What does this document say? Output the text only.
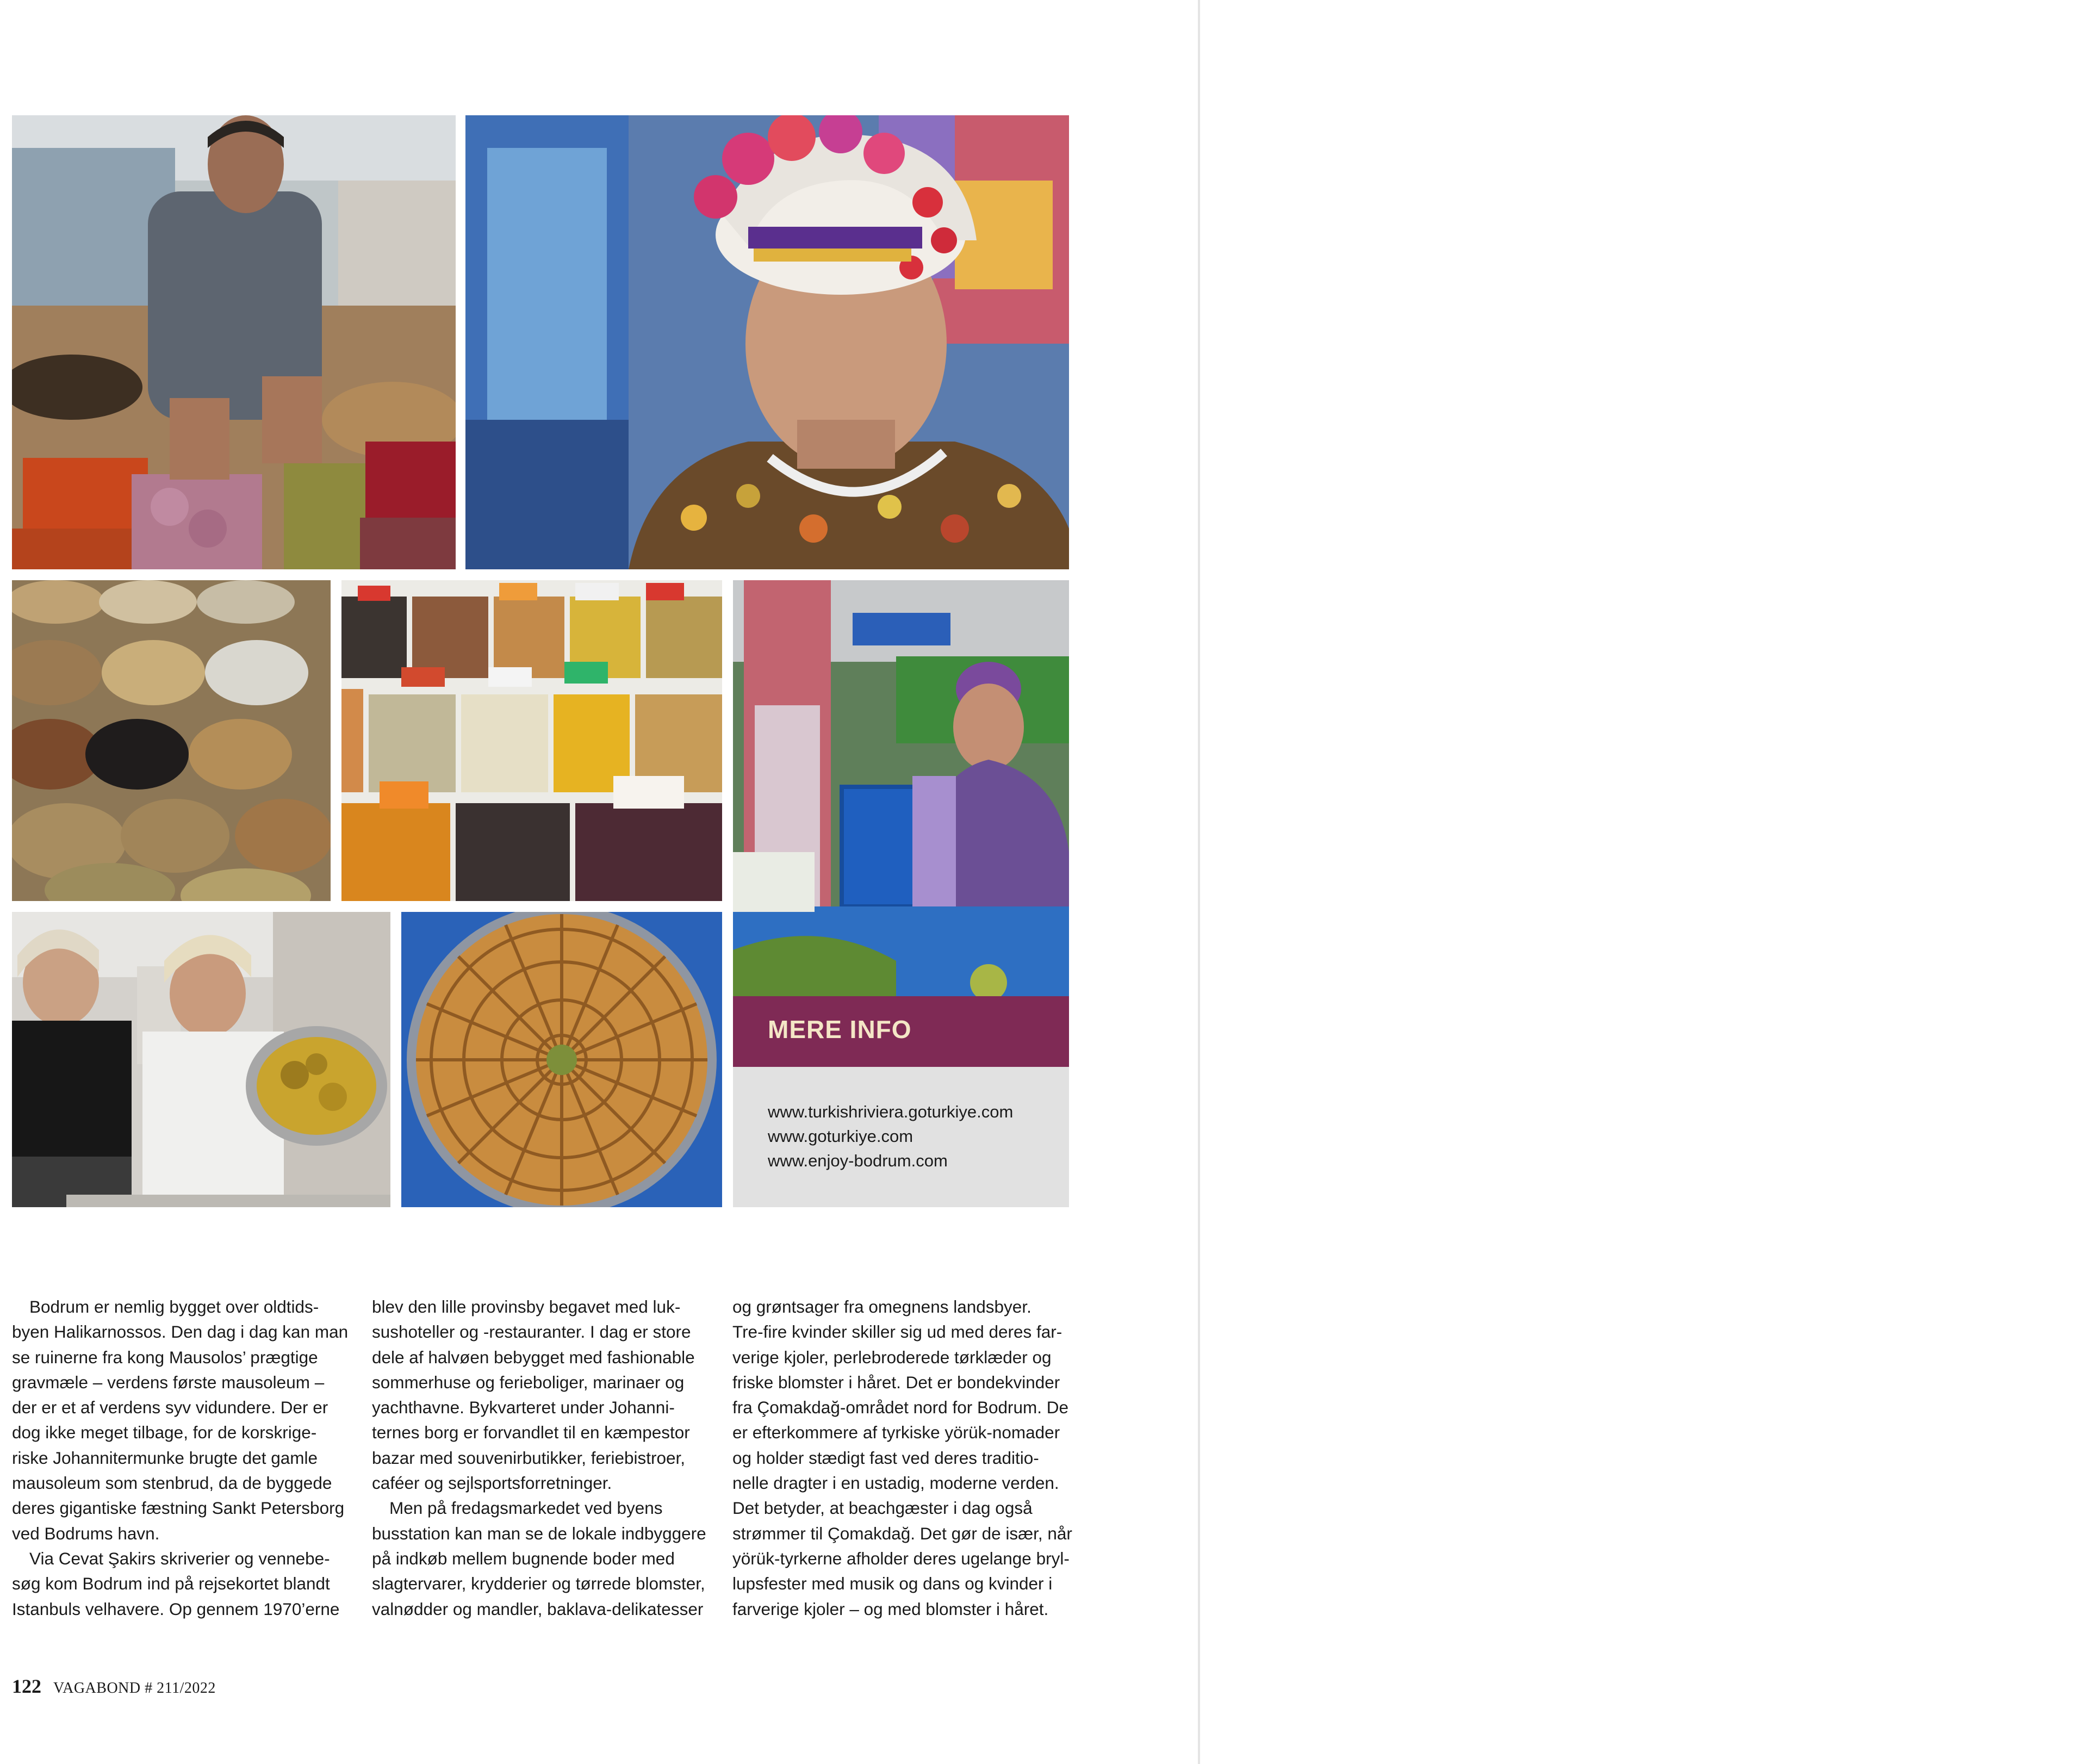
MERE INFO
www.turkishriviera.goturkiye.com
www.goturkiye.com
www.enjoy-bodrum.com
Bodrum er nemlig bygget over oldtids-
byen Halikarnossos. Den dag i dag kan man
se ruinerne fra kong Mausolos’ prægtige
gravmæle – verdens første mausoleum –
der er et af verdens syv vidundere. Der er
dog ikke meget tilbage, for de korskrige-
riske Johannitermunke brugte det gamle
mausoleum som stenbrud, da de byggede
deres gigantiske fæstning Sankt Petersborg
ved Bodrums havn.
Via Cevat Şakirs skriverier og vennebe-
søg kom Bodrum ind på rejsekortet blandt
Istanbuls velhavere. Op gennem 1970’erne
blev den lille provinsby begavet med luk-
sushoteller og -restauranter. I dag er store
dele af halvøen bebygget med fashionable
sommerhuse og ferieboliger, marinaer og
yachthavne. Bykvarteret under Johanni-
ternes borg er forvandlet til en kæmpestor
bazar med souvenirbutikker, feriebistroer,
caféer og sejlsportsforretninger.
Men på fredagsmarkedet ved byens
busstation kan man se de lokale indbyggere
på indkøb mellem bugnende boder med
slagtervarer, krydderier og tørrede blomster,
valnødder og mandler, baklava-delikatesser
og grøntsager fra omegnens landsbyer.
Tre-fire kvinder skiller sig ud med deres far-
verige kjoler, perlebroderede tørklæder og
friske blomster i håret. Det er bondekvinder
fra Çomakdağ-området nord for Bodrum. De
er efterkommere af tyrkiske yörük-nomader
og holder stædigt fast ved deres traditio-
nelle dragter i en ustadig, moderne verden.
Det betyder, at beachgæster i dag også
strømmer til Çomakdağ. Det gør de især, når
yörük-tyrkerne afholder deres ugelange bryl-
lupsfester med musik og dans og kvinder i
farverige kjoler – og med blomster i håret.
122 VAGABOND # 211/2022
